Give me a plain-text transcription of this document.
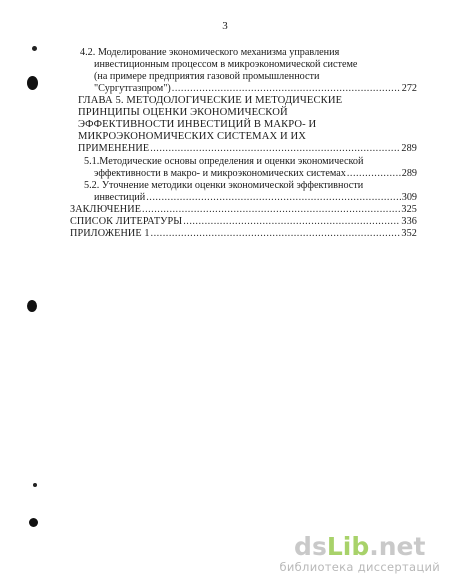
3
4.2. Моделирование экономического механизма управления
инвестиционным процессом в микроэкономической системе
(на примере предприятия газовой промышленности
"Сургутгазпром") .....	272
ГЛАВА 5. МЕТОДОЛОГИЧЕСКИЕ И МЕТОДИЧЕСКИЕ
ПРИНЦИПЫ ОЦЕНКИ ЭКОНОМИЧЕСКОЙ
ЭФФЕКТИВНОСТИ ИНВЕСТИЦИЙ В МАКРО- И
МИКРОЭКОНОМИЧЕСКИХ СИСТЕМАХ И ИХ
ПРИМЕНЕНИЕ .....	289
5.1.Методические основы определения и оценки экономической
эффективности в макро- и микроэкономических системах .....	289
5.2. Уточнение методики оценки экономической эффективности
инвестиций .....	309
ЗАКЛЮЧЕНИЕ .....	325
СПИСОК ЛИТЕРАТУРЫ .....	336
ПРИЛОЖЕНИЕ 1 .....	352
dsLib.net
библиотека диссертаций
